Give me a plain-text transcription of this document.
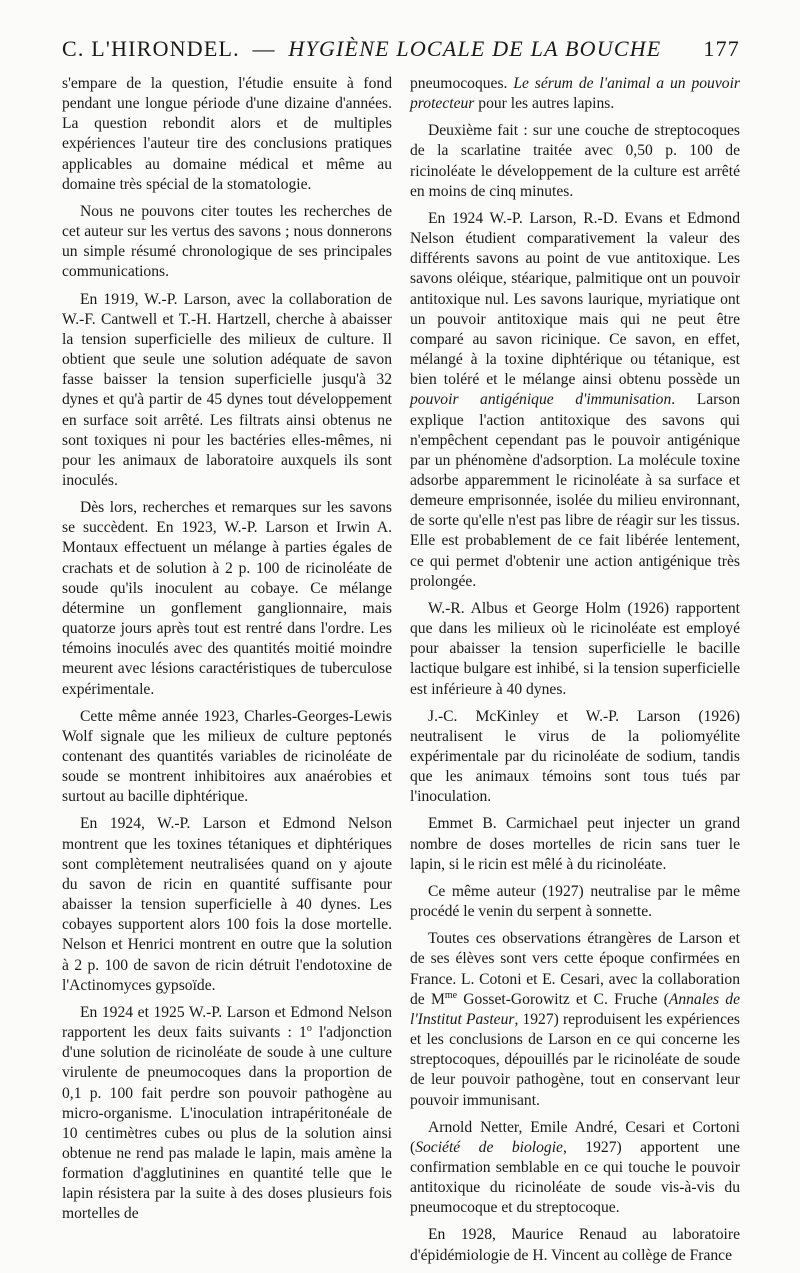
C. L'HIRONDEL. — HYGIÈNE LOCALE DE LA BOUCHE 177

s'empare de la question, l'étudie ensuite à fond pendant une longue période d'une dizaine d'années. La question rebondit alors et de multiples expériences l'auteur tire des conclusions pratiques applicables au domaine médical et même au domaine très spécial de la stomatologie.

Nous ne pouvons citer toutes les recherches de cet auteur sur les vertus des savons ; nous donnerons un simple résumé chronologique de ses principales communications.

En 1919, W.-P. Larson, avec la collaboration de W.-F. Cantwell et T.-H. Hartzell, cherche à abaisser la tension superficielle des milieux de culture. Il obtient que seule une solution adéquate de savon fasse baisser la tension superficielle jusqu'à 32 dynes et qu'à partir de 45 dynes tout développement en surface soit arrêté. Les filtrats ainsi obtenus ne sont toxiques ni pour les bactéries elles-mêmes, ni pour les animaux de laboratoire auxquels ils sont inoculés.

Dès lors, recherches et remarques sur les savons se succèdent. En 1923, W.-P. Larson et Irwin A. Montaux effectuent un mélange à parties égales de crachats et de solution à 2 p. 100 de ricinoléate de soude qu'ils inoculent au cobaye. Ce mélange détermine un gonflement ganglionnaire, mais quatorze jours après tout est rentré dans l'ordre. Les témoins inoculés avec des quantités moitié moindre meurent avec lésions caractéristiques de tuberculose expérimentale.

Cette même année 1923, Charles-Georges-Lewis Wolf signale que les milieux de culture peptonés contenant des quantités variables de ricinoléate de soude se montrent inhibitoires aux anaérobies et surtout au bacille diphtérique.

En 1924, W.-P. Larson et Edmond Nelson montrent que les toxines tétaniques et diphtériques sont complètement neutralisées quand on y ajoute du savon de ricin en quantité suffisante pour abaisser la tension superficielle à 40 dynes. Les cobayes supportent alors 100 fois la dose mortelle. Nelson et Henrici montrent en outre que la solution à 2 p. 100 de savon de ricin détruit l'endotoxine de l'Actinomyces gypsoïde.

En 1924 et 1925 W.-P. Larson et Edmond Nelson rapportent les deux faits suivants : 1$^o$ l'adjonction d'une solution de ricinoléate de soude à une culture virulente de pneumocoques dans la proportion de 0,1 p. 100 fait perdre son pouvoir pathogène au micro-organisme. L'inoculation intrapéritonéale de 10 centimètres cubes ou plus de la solution ainsi obtenue ne rend pas malade le lapin, mais amène la formation d'agglutinines en quantité telle que le lapin résistera par la suite à des doses plusieurs fois mortelles de

pneumocoques. Le sérum de l'animal a un pouvoir protecteur pour les autres lapins.

Deuxième fait : sur une couche de streptocoques de la scarlatine traitée avec 0,50 p. 100 de ricinoléate le développement de la culture est arrêté en moins de cinq minutes.

En 1924 W.-P. Larson, R.-D. Evans et Edmond Nelson étudient comparativement la valeur des différents savons au point de vue antitoxique. Les savons oléique, stéarique, palmitique ont un pouvoir antitoxique nul. Les savons laurique, myriatique ont un pouvoir antitoxique mais qui ne peut être comparé au savon ricinique. Ce savon, en effet, mélangé à la toxine diphtérique ou tétanique, est bien toléré et le mélange ainsi obtenu possède un pouvoir antigénique d'immunisation. Larson explique l'action antitoxique des savons qui n'empêchent cependant pas le pouvoir antigénique par un phénomène d'adsorption. La molécule toxine adsorbe apparemment le ricinoléate à sa surface et demeure emprisonnée, isolée du milieu environnant, de sorte qu'elle n'est pas libre de réagir sur les tissus. Elle est probablement de ce fait libérée lentement, ce qui permet d'obtenir une action antigénique très prolongée.

W.-R. Albus et George Holm (1926) rapportent que dans les milieux où le ricinoléate est employé pour abaisser la tension superficielle le bacille lactique bulgare est inhibé, si la tension superficielle est inférieure à 40 dynes.

J.-C. McKinley et W.-P. Larson (1926) neutralisent le virus de la poliomyélite expérimentale par du ricinoléate de sodium, tandis que les animaux témoins sont tous tués par l'inoculation.

Emmet B. Carmichael peut injecter un grand nombre de doses mortelles de ricin sans tuer le lapin, si le ricin est mêlé à du ricinoléate.

Ce même auteur (1927) neutralise par le même procédé le venin du serpent à sonnette.

Toutes ces observations étrangères de Larson et de ses élèves sont vers cette époque confirmées en France. L. Cotoni et E. Cesari, avec la collaboration de $M^{me}$ Gosset-Gorowitz et C. Fruche (Annales de l'Institut Pasteur, 1927) reproduisent les expériences et les conclusions de Larson en ce qui concerne les streptocoques, dépouillés par le ricinoléate de soude de leur pouvoir pathogène, tout en conservant leur pouvoir immunisant.

Arnold Netter, Emile André, Cesari et Cortoni (Société de biologie, 1927) apportent une confirmation semblable en ce qui touche le pouvoir antitoxique du ricinoléate de soude vis-à-vis du pneumocoque et du streptocoque.

En 1928, Maurice Renaud au laboratoire d'épidémiologie de H. Vincent au collège de France
